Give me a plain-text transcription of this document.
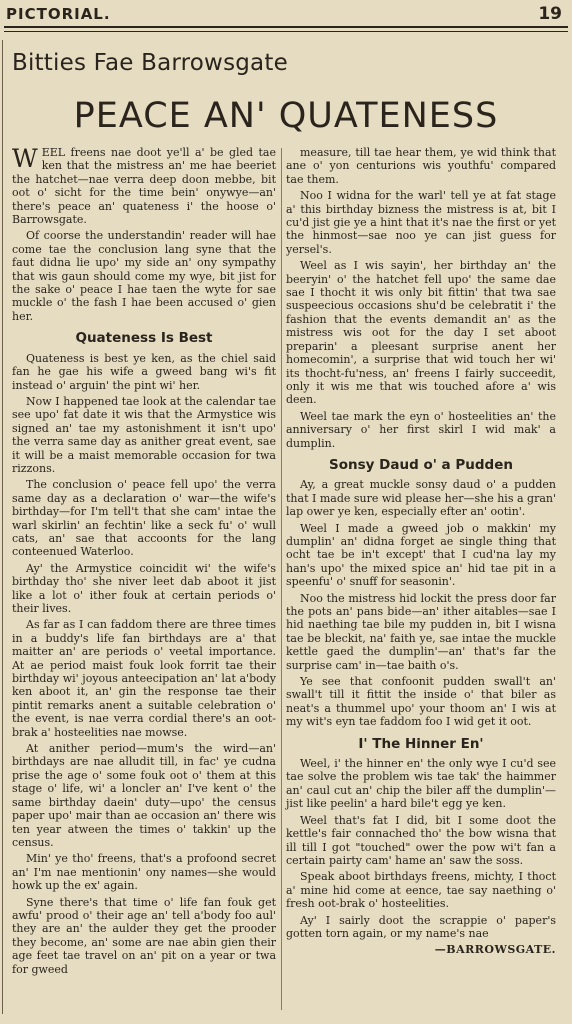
PICTORIAL.	19
Bitties Fae Barrowsgate
PEACE AN' QUATENESS

WEEL freens nae doot ye'll a' be gled tae ken that the mistress an' me hae beeriet the hatchet—nae verra deep doon mebbe, bit oot o' sicht for the time bein' onywye—an' there's peace an' quateness i' the hoose o' Barrowsgate.

Of coorse the understandin' reader will hae come tae the conclusion lang syne that the faut didna lie upo' my side an' ony sympathy that wis gaun should come my wye, bit jist for the sake o' peace I hae taen the wyte for sae muckle o' the fash I hae been accused o' gien her.

Quateness Is Best

Quateness is best ye ken, as the chiel said fan he gae his wife a gweed bang wi's fit instead o' arguin' the pint wi' her.

Now I happened tae look at the calendar tae see upo' fat date it wis that the Armystice wis signed an' tae my astonishment it isn't upo' the verra same day as anither great event, sae it will be a maist memorable occasion for twa rizzons.

The conclusion o' peace fell upo' the verra same day as a declaration o' war—the wife's birthday—for I'm tell't that she cam' intae the warl skirlin' an fechtin' like a seck fu' o' wull cats, an' sae that accoonts for the lang conteenued Waterloo.

Ay' the Armystice coincidit wi' the wife's birthday tho' she niver leet dab aboot it jist like a lot o' ither fouk at certain periods o' their lives.

As far as I can faddom there are three times in a buddy's life fan birthdays are a' that maitter an' are periods o' veetal importance. At ae period maist fouk look forrit tae their birthday wi' joyous anteecipation an' lat a'body ken aboot it, an' gin the response tae their pintit remarks anent a suitable celebration o' the event, is nae verra cordial there's an oot-brak a' hosteelities nae mowse.

At anither period—mum's the wird—an' birthdays are nae alludit till, in fac' ye cudna prise the age o' some fouk oot o' them at this stage o' life, wi' a loncler an' I've kent o' the same birthday daein' duty—upo' the census paper upo' mair than ae occasion an' there wis ten year atween the times o' takkin' up the census.

Min' ye tho' freens, that's a profoond secret an' I'm nae mentionin' ony names—she would howk up the ex' again.

Syne there's that time o' life fan fouk get awfu' prood o' their age an' tell a'body foo aul' they are an' the aulder they get the prooder they become, an' some are nae abin gien their age feet tae travel on an' pit on a year or twa for gweed

measure, till tae hear them, ye wid think that ane o' yon centurions wis youthfu' compared tae them.

Noo I widna for the warl' tell ye at fat stage a' this birthday bizness the mistress is at, bit I cu'd jist gie ye a hint that it's nae the first or yet the hinmost—sae noo ye can jist guess for yersel's.

Weel as I wis sayin', her birthday an' the beeryin' o' the hatchet fell upo' the same dae sae I thocht it wis only bit fittin' that twa sae suspeecious occasions shu'd be celebratit i' the fashion that the events demandit an' as the mistress wis oot for the day I set aboot preparin' a pleesant surprise anent her homecomin', a surprise that wid touch her wi' its thocht-fu'ness, an' freens I fairly succeedit, only it wis me that wis touched afore a' wis deen.

Weel tae mark the eyn o' hosteelities an' the anniversary o' her first skirl I wid mak' a dumplin.

Sonsy Daud o' a Pudden

Ay, a great muckle sonsy daud o' a pudden that I made sure wid please her—she his a gran' lap ower ye ken, especially efter an' ootin'.

Weel I made a gweed job o makkin' my dumplin' an' didna forget ae single thing that ocht tae be in't except' that I cud'na lay my han's upo' the mixed spice an' hid tae pit in a speenfu' o' snuff for seasonin'.

Noo the mistress hid lockit the press door far the pots an' pans bide—an' ither aitables—sae I hid naething tae bile my pudden in, bit I wisna tae be bleckit, na' faith ye, sae intae the muckle kettle gaed the dumplin'—an' that's far the surprise cam' in—tae baith o's.

Ye see that confoonit pudden swall't an' swall't till it fittit the inside o' that biler as neat's a thummel upo' your thoom an' I wis at my wit's eyn tae faddom foo I wid get it oot.

I' The Hinner En'

Weel, i' the hinner en' the only wye I cu'd see tae solve the problem wis tae tak' the haimmer an' caul cut an' chip the biler aff the dumplin'—jist like peelin' a hard bile't egg ye ken.

Weel that's fat I did, bit I some doot the kettle's fair connached tho' the bow wisna that ill till I got "touched" ower the pow wi't fan a certain pairty cam' hame an' saw the soss.

Speak aboot birthdays freens, michty, I thoct a' mine hid come at eence, tae say naething o' fresh oot-brak o' hosteelities.

Ay' I sairly doot the scrappie o' paper's gotten torn again, or my name's nae

—BARROWSGATE.
